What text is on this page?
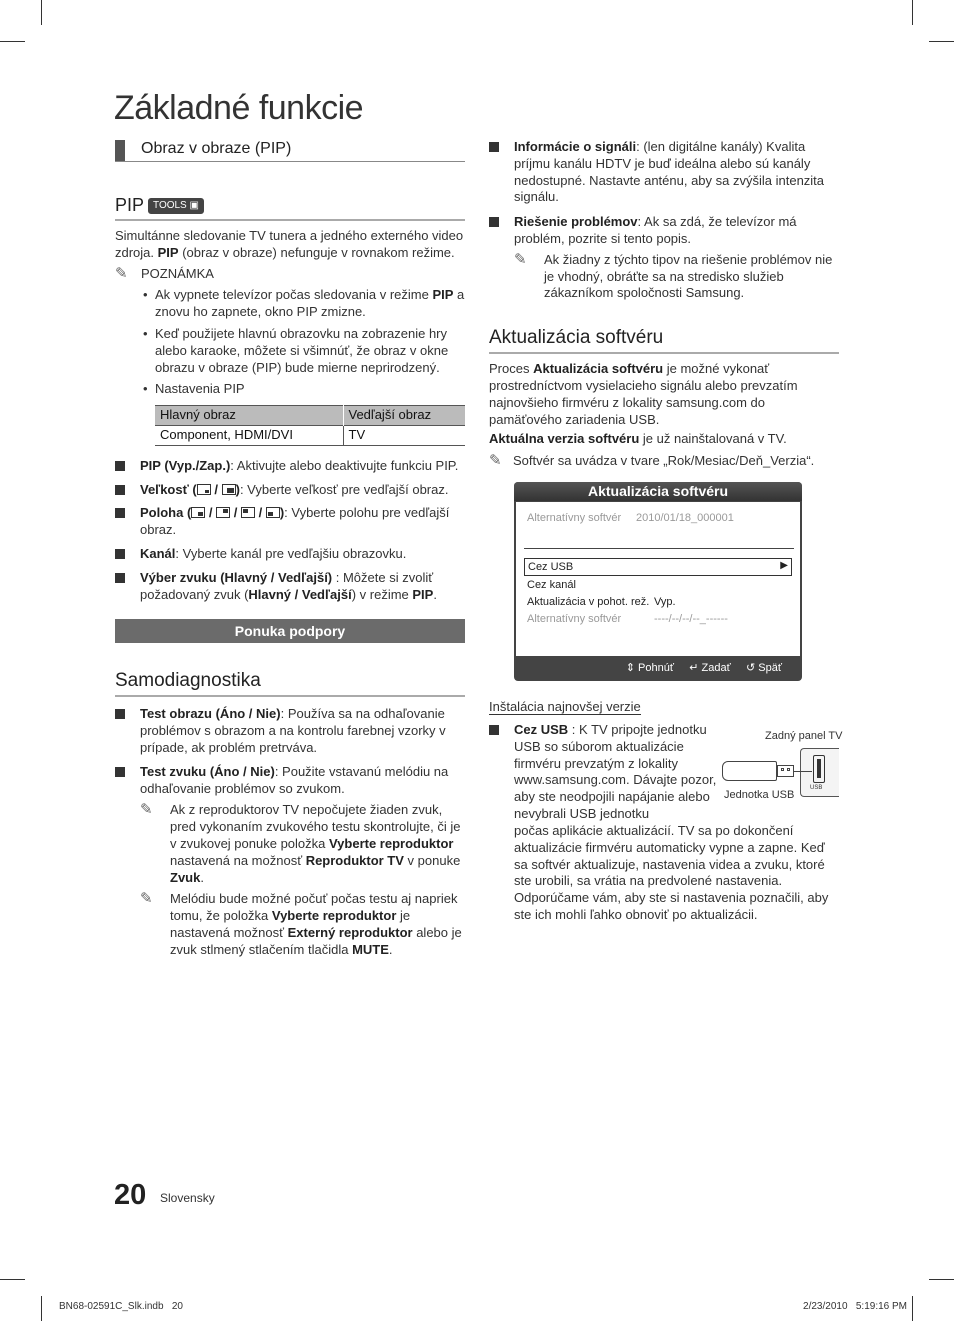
Základné funkcie
Obraz v obraze (PIP)
PIP TOOLS ▣

Simultánne sledovanie TV tunera a jedného externého video zdroja. PIP (obraz v obraze) nefunguje v rovnakom režime.

✎ POZNÁMKA
• Ak vypnete televízor počas sledovania v režime PIP a znovu ho zapnete, okno PIP zmizne.
• Keď použijete hlavnú obrazovku na zobrazenie hry alebo karaoke, môžete si všimnúť, že obraz v okne obrazu v obraze (PIP) bude mierne neprirodzený.
• Nastavenia PIP
Hlavný obraz	Vedľajší obraz
Component, HDMI/DVI	TV
PIP (Vyp./Zap.): Aktivujte alebo deaktivujte funkciu PIP.
Veľkosť (
/
): Vyberte veľkosť pre vedľajší obraz.
Poloha (
/
/
/
): Vyberte polohu pre vedľajší obraz.
Kanál: Vyberte kanál pre vedľajšiu obrazovku.
Výber zvuku (Hlavný / Vedľajší) : Môžete si zvoliť požadovaný zvuk (Hlavný / Vedľajší) v režime PIP.
Ponuka podpory
Samodiagnostika
Test obrazu (Áno / Nie): Používa sa na odhaľovanie problémov s obrazom a na kontrolu farebnej vzorky v prípade, ak problém pretrváva.
Test zvuku (Áno / Nie): Použite vstavanú melódiu na odhaľovanie problémov so zvukom.
✎ Ak z reproduktorov TV nepočujete žiaden zvuk, pred vykonaním zvukového testu skontrolujte, či je v zvukovej ponuke položka Vyberte reproduktor nastavená na možnosť Reproduktor TV v ponuke Zvuk.
✎ Melódiu bude možné počuť počas testu aj napriek tomu, že položka Vyberte reproduktor je nastavená možnosť Externý reproduktor alebo je zvuk stlmený stlačením tlačidla MUTE.
Informácie o signáli: (len digitálne kanály) Kvalita príjmu kanálu HDTV je buď ideálna alebo sú kanály nedostupné. Nastavte anténu, aby sa zvýšila intenzita signálu.
Riešenie problémov: Ak sa zdá, že televízor má problém, pozrite si tento popis.
✎ Ak žiadny z týchto tipov na riešenie problémov nie je vhodný, obráťte sa na stredisko služieb zákazníkom spoločnosti Samsung.
Aktualizácia softvéru

Proces Aktualizácia softvéru je možné vykonať prostredníctvom vysielacieho signálu alebo prevzatím najnovšieho firmvéru z lokality samsung.com do pamäťového zariadenia USB.

Aktuálna verzia softvéru je už nainštalovaná v TV.

✎ Softvér sa uvádza v tvare „Rok/Mesiac/Deň_Verzia“.
Aktualizácia softvéru
Alternatívny softvér 2010/01/18_000001
Cez USB	▶
Cez kanál
Aktualizácia v pohot. rež. Vyp.
Alternatívny softvér	----/--/--/--_------
⇕ Pohnúť ↵ Zadať ↺ Späť
Inštalácia najnovšej verzie
Cez USB : K TV pripojte jednotku USB so súborom aktualizácie firmvéru prevzatým z lokality www.samsung.com. Dávajte pozor, aby ste neodpojili napájanie alebo nevybrali USB jednotku
počas aplikácie aktualizácií. TV sa po dokončení aktualizácie firmvéru automaticky vypne a zapne. Keď sa softvér aktualizuje, nastavenia videa a zvuku, ktoré ste urobili, sa vrátia na predvolené nastavenia. Odporúčame vám, aby ste si nastavenia poznačili, aby ste ich mohli ľahko obnoviť po aktualizácii.
Zadný panel TV
USB
Jednotka USB
20 Slovensky
BN68-02591C_Slk.indb   20	2/23/2010   5:19:16 PM
